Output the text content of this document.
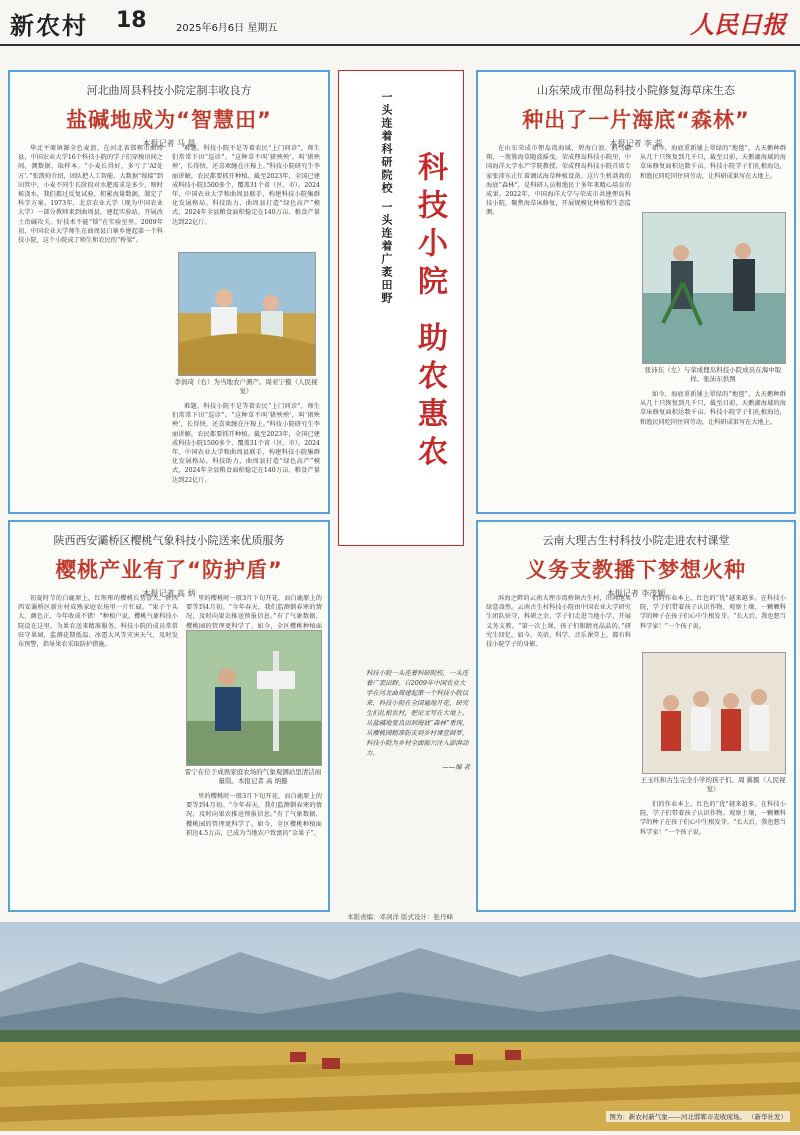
新农村 18	2025年6月6日 星期五	人民日报
河北曲周县科技小院定制丰收良方
盐碱地成为“智慧田”
本报记者 马 晨
华北平原镇源全色麦浪。在河北省邯郸市曲周县，中国农业大学16个科技小院的学子们穿梭田间之间，测数据、取样本。“小麦长得好，多亏了‘AI处方’。”张凯帅介绍，团队把人工智能、大数据“嫁接”到田管中，小麦不同生长阶段对水肥需求是多少，啥时候浇水，我们都过反复试验，积累海量数据，制定了科学方案。1973年，北京农业大学（现为中国农业大学）一部分教师来到曲周县，建起实验站，开展改土治碱攻关。好技术不能“锁”在实验室里。2009年初，中国农业大学师生在曲周县白寨乡建起第一个科技小院，这个小院成了师生和农民的“桥梁”。
难题。科技小院不是等着农民“上门问诊”，师生们常常下田“巡诊”。“这种草不叫‘猪殃殃’，叫‘猪殃殃’，长得快，还喜欢缠在庄稼上。”科技小院研究生李丽讲解，农民都要抓开种植。截至2023年，全国已建成科技小院1500多个，覆盖31个省（区、市）。2024年，中国农业大学和曲周县联手，构建科技小院集群化发展格局。科技助力，曲周县打造“绿色高产”模式，2024年全县粮食面积稳定在140万亩、粮食产量达到22亿斤。
李润琦（右）为当地农户测产。周亚宁摄（人民视觉）
难题。科技小院不是等着农民“上门问诊”，师生们常常下田“巡诊”。“这种草不叫‘猪殃殃’，叫‘猪殃殃’，长得快，还喜欢缠在庄稼上。”科技小院研究生李丽讲解，农民都要抓开种植。截至2023年，全国已建成科技小院1500多个，覆盖31个省（区、市）。2024年，中国农业大学和曲周县联手，构建科技小院集群化发展格局。科技助力，曲周县打造“绿色高产”模式，2024年全县粮食面积稳定在140万亩、粮食产量达到22亿斤。
一头连着科研院校 一头连着广袤田野 科技小院 助农惠农
山东荣成市俚岛科技小院修复海草床生态
种出了一片海底“森林”
本报记者 李 蕊
在山东荣成市俚岛湾海域，碧海白浪、鸥鸟翩翔，一簇簇海草随波摇曳。荣成俚岛科技小院里，中国海洋大学水产学院教授、荣成俚岛科技小院首席专家张沛东正忙着调试海草种植设备。这片生机勃勃的海底“森林”，是科研人员和渔民十多年来精心培育的成果。2022年，中国海洋大学与荣成市共建俚岛科技小院，聚焦海草床修复，开展规模化种植和生态监测。
如今，海底重新铺上翠绿的“地毯”，大天鹅种群从几十只恢复到几千只，截至目前，天鹅湖海域的海草床修复面积达数千亩。科技小院学子们扎根海边，和渔民同吃同住同劳动，让科研成果写在大地上。
张沛东（左）与荣成俚岛科技小院成员在海中取样。张沛东供图
如今，海底重新铺上翠绿的“地毯”，大天鹅种群从几十只恢复到几千只，截至目前，天鹅湖海域的海草床修复面积达数千亩。科技小院学子们扎根海边，和渔民同吃同住同劳动，让科研成果写在大地上。
陕西西安灞桥区樱桃气象科技小院送来优质服务
樱桃产业有了“防护盾”
本报记者 高 炳
初夏时节的白鹿原上，红彤彤的樱桃长势喜人，陕西西安灞桥区新庄村成熟家庭农场里一片忙碌。“果子个头大、颜色正，今年收成不错！”种植户说。樱桃气象科技小院设在这里，为果农送来精准服务。科技小院的成员常常驻守果园，监测花期低温、冰雹大风等灾害天气，及时发布预警，指导果农采取防护措施。
里的樱桃时一般3月下旬开花，而白鹿原上的要等到4月初。“今年春天，我们监测倒春寒的情况，及时向果农推送预报信息。”有了气象数据，樱桃园的管理更科学了。如今，全区樱桃种植面
雷宁在位于成熟家庭农场的气象观测站里清洁雨量筒。本报记者 高 炳摄
里的樱桃时一般3月下旬开花，而白鹿原上的要等到4月初。“今年春天，我们监测倒春寒的情况，及时向果农推送预报信息。”有了气象数据，樱桃园的管理更科学了。如今，全区樱桃种植面积达4.5万亩，已成为当地农户致富的“金果子”。
科技小院一头连着科研院校，一头连着广袤田野。自2009年中国农业大学在河北曲周建起第一个科技小院以来，科技小院在全国遍地开花，研究生们扎根农村，把论文写在大地上。从盐碱地变良田到海底“森林”重现，从樱桃园精准防灾到乡村课堂圆梦，科技小院为乡村全面振兴注入澎湃动力。
——编 者
云南大理古生村科技小院走进农村课堂
义务支教播下梦想火种
本报记者 李茂颖
洱海之畔的云南大理市湾桥镇古生村，田间地头绿意盎然。云南古生村科技小院由中国农业大学研究生团队驻守，科研之余，学子们走进当地小学，开展义务支教。“第一次上课，孩子们眼睛亮晶晶的。”研究生回忆。如今，英语、科学、音乐课堂上，都有科技小院学子的身影。
们的作业本上，红色的“优”越来越多。在科技小院，学子们带着孩子认识作物、观察土壤，一颗颗科学的种子在孩子们心中生根发芽。“长大后，我也想当科学家！”一个孩子说。
王玉珏和古生完全小学的孩子们。周 翼摄（人民视觉）
们的作业本上，红色的“优”越来越多。在科技小院，学子们带着孩子认识作物、观察土壤，一颗颗科学的种子在孩子们心中生根发芽。“长大后，我也想当科学家！”一个孩子说。
本版责编：邓剑洋 版式设计：张丹峰
图为：新农村新气象——河北邯郸市麦收现场。 （新华社发）
